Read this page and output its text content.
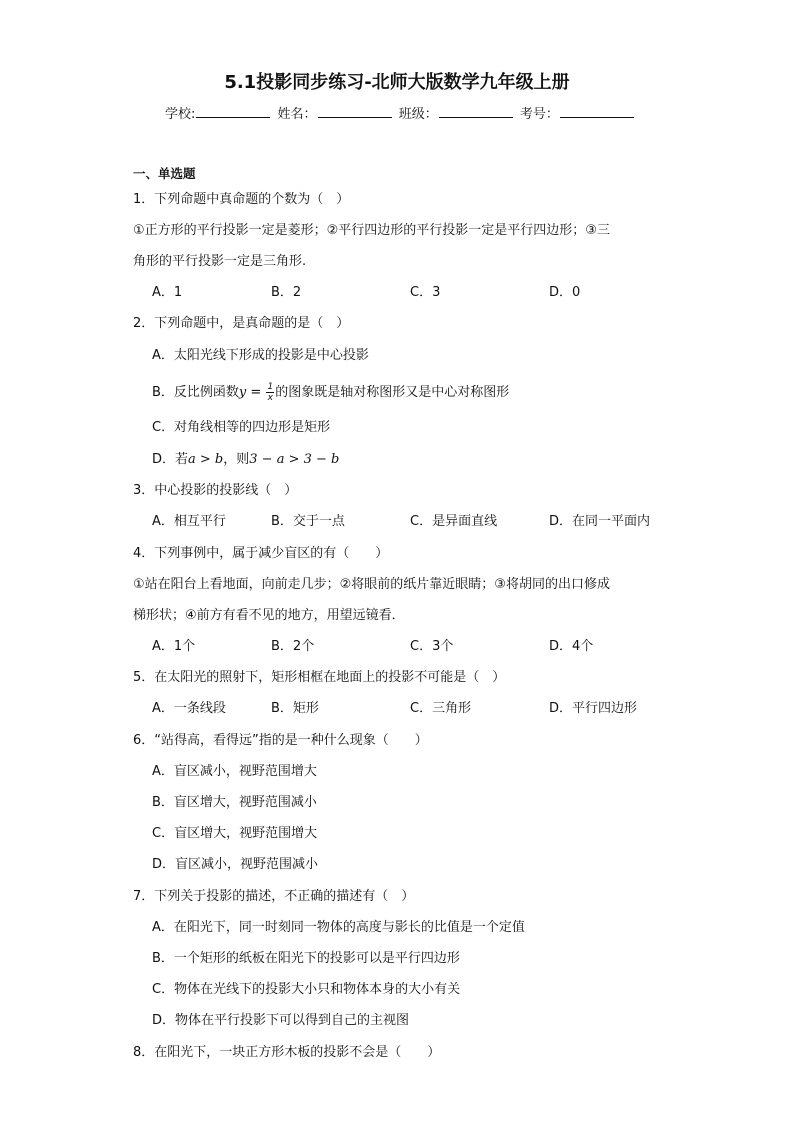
5.1投影同步练习-北师大版数学九年级上册
学校:	姓名：	班级：	考号：
一、单选题
1．下列命题中真命题的个数为（　）
①正方形的平行投影一定是菱形；②平行四边形的平行投影一定是平行四边形；③三
角形的平行投影一定是三角形.
A．1	B．2	C．3	D．0
2．下列命题中，是真命题的是（　）
A．太阳光线下形成的投影是中心投影
B．反比例函数$y = \frac{1}{x}$ 的图象既是轴对称图形又是中心对称图形
C．对角线相等的四边形是矩形
D．若a > b，则3 − a > 3 − b
3．中心投影的投影线（　）
A．相互平行	B．交于一点	C．是异面直线	D．在同一平面内
4．下列事例中，属于减少盲区的有（　　）
①站在阳台上看地面，向前走几步；②将眼前的纸片靠近眼睛；③将胡同的出口修成
梯形状；④前方有看不见的地方，用望远镜看．
A．1个	B．2个	C．3个	D．4个
5．在太阳光的照射下，矩形相框在地面上的投影不可能是（　）
A．一条线段	B．矩形	C．三角形	D．平行四边形
6．“站得高，看得远”指的是一种什么现象（　　）
A．盲区减小，视野范围增大
B．盲区增大，视野范围减小
C．盲区增大，视野范围增大
D．盲区减小，视野范围减小
7．下列关于投影的描述，不正确的描述有（　）
A．在阳光下，同一时刻同一物体的高度与影长的比值是一个定值
B．一个矩形的纸板在阳光下的投影可以是平行四边形
C．物体在光线下的投影大小只和物体本身的大小有关
D．物体在平行投影下可以得到自己的主视图
8．在阳光下，一块正方形木板的投影不会是（　　）
